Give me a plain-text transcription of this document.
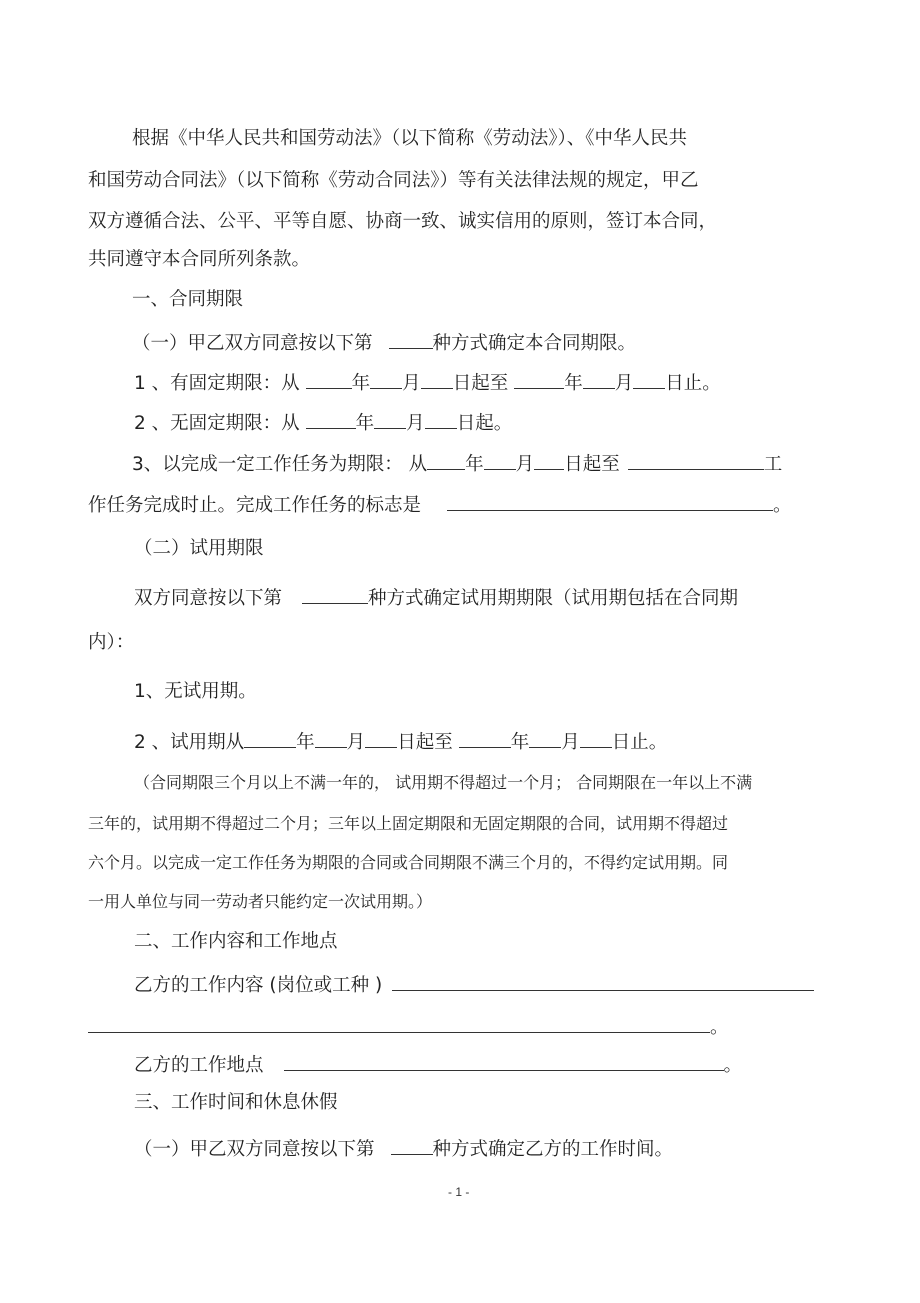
根据《中华人民共和国劳动法》（以下简称《劳动法》）、《中华人民共
和国劳动合同法》（以下简称《劳动合同法》）等有关法律法规的规定，甲乙
双方遵循合法、公平、平等自愿、协商一致、诚实信用的原则，签订本合同，
共同遵守本合同所列条款。
一、合同期限
（一）甲乙双方同意按以下第	种方式确定本合同期限。
1 、有固定期限：从	年 月 日起至	年 月 日止。
2 、无固定期限：从	年 月 日起。
3、以完成一定工作任务为期限： 从 年 月 日起至	工
作任务完成时止。完成工作任务的标志是	。
（二）试用期限
双方同意按以下第	种方式确定试用期期限（试用期包括在合同期
内）：
1、无试用期。
2 、试用期从	年 月 日起至	年 月 日止。
（合同期限三个月以上不满一年的， 试用期不得超过一个月； 合同期限在一年以上不满
三年的，试用期不得超过二个月；三年以上固定期限和无固定期限的合同，试用期不得超过
六个月。以完成一定工作任务为期限的合同或合同期限不满三个月的，不得约定试用期。同
一用人单位与同一劳动者只能约定一次试用期。）
二、工作内容和工作地点
乙方的工作内容 (岗位或工种 )
。
乙方的工作地点	。
三、工作时间和休息休假
（一）甲乙双方同意按以下第	种方式确定乙方的工作时间。
- 1 -
